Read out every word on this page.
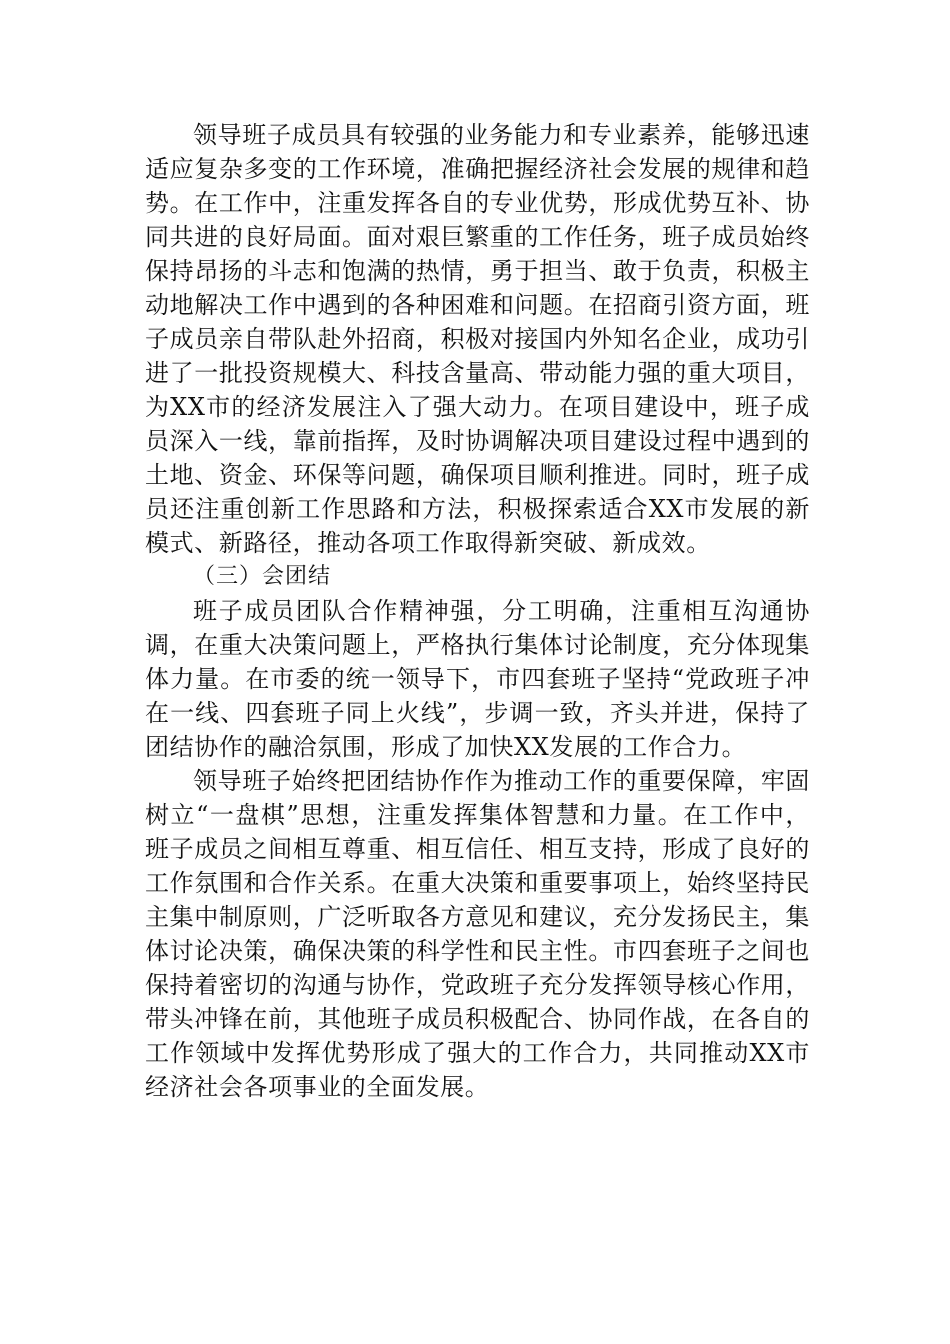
领导班子成员具有较强的业务能力和专业素养，能够迅速适应复杂多变的工作环境，准确把握经济社会发展的规律和趋势。在工作中，注重发挥各自的专业优势，形成优势互补、协同共进的良好局面。面对艰巨繁重的工作任务，班子成员始终保持昂扬的斗志和饱满的热情，勇于担当、敢于负责，积极主动地解决工作中遇到的各种困难和问题。在招商引资方面，班子成员亲自带队赴外招商，积极对接国内外知名企业，成功引进了一批投资规模大、科技含量高、带动能力强的重大项目，为XX市的经济发展注入了强大动力。在项目建设中，班子成员深入一线，靠前指挥，及时协调解决项目建设过程中遇到的土地、资金、环保等问题，确保项目顺利推进。同时，班子成员还注重创新工作思路和方法，积极探索适合XX市发展的新模式、新路径，推动各项工作取得新突破、新成效。

（三）会团结

班子成员团队合作精神强，分工明确，注重相互沟通协调，在重大决策问题上，严格执行集体讨论制度，充分体现集体力量。在市委的统一领导下，市四套班子坚持“党政班子冲在一线、四套班子同上火线”，步调一致，齐头并进，保持了团结协作的融洽氛围，形成了加快XX发展的工作合力。

领导班子始终把团结协作作为推动工作的重要保障，牢固树立“一盘棋”思想，注重发挥集体智慧和力量。在工作中，班子成员之间相互尊重、相互信任、相互支持，形成了良好的工作氛围和合作关系。在重大决策和重要事项上，始终坚持民主集中制原则，广泛听取各方意见和建议，充分发扬民主，集体讨论决策，确保决策的科学性和民主性。市四套班子之间也保持着密切的沟通与协作，党政班子充分发挥领导核心作用，带头冲锋在前，其他班子成员积极配合、协同作战，在各自的工作领域中发挥优势形成了强大的工作合力，共同推动XX市经济社会各项事业的全面发展。
